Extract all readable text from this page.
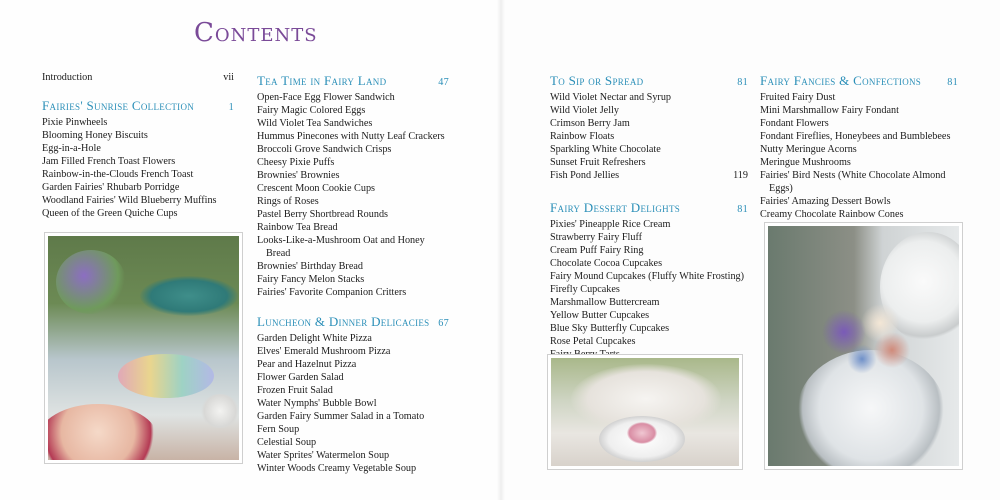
Contents
Introduction	vii
Fairies' Sunrise Collection	1
Pixie Pinwheels
Blooming Honey Biscuits
Egg-in-a-Hole
Jam Filled French Toast Flowers
Rainbow-in-the-Clouds French Toast
Garden Fairies' Rhubarb Porridge
Woodland Fairies' Wild Blueberry Muffins
Queen of the Green Quiche Cups
Tea Time in Fairy Land	47
Open-Face Egg Flower Sandwich
Fairy Magic Colored Eggs
Wild Violet Tea Sandwiches
Hummus Pinecones with Nutty Leaf Crackers
Broccoli Grove Sandwich Crisps
Cheesy Pixie Puffs
Brownies' Brownies
Crescent Moon Cookie Cups
Rings of Roses
Pastel Berry Shortbread Rounds
Rainbow Tea Bread
Looks-Like-a-Mushroom Oat and Honey
Bread
Brownies' Birthday Bread
Fairy Fancy Melon Stacks
Fairies' Favorite Companion Critters
Luncheon & Dinner Delicacies 67
Garden Delight White Pizza
Elves' Emerald Mushroom Pizza
Pear and Hazelnut Pizza
Flower Garden Salad
Frozen Fruit Salad
Water Nymphs' Bubble Bowl
Garden Fairy Summer Salad in a Tomato
Fern Soup
Celestial Soup
Water Sprites' Watermelon Soup
Winter Woods Creamy Vegetable Soup
To Sip or Spread	81
Wild Violet Nectar and Syrup
Wild Violet Jelly
Crimson Berry Jam
Rainbow Floats
Sparkling White Chocolate
Sunset Fruit Refreshers
Fish Pond Jellies	119
Fairy Dessert Delights	81
Pixies' Pineapple Rice Cream
Strawberry Fairy Fluff
Cream Puff Fairy Ring
Chocolate Cocoa Cupcakes
Fairy Mound Cupcakes (Fluffy White Frosting)
Firefly Cupcakes
Marshmallow Buttercream
Yellow Butter Cupcakes
Blue Sky Butterfly Cupcakes
Rose Petal Cupcakes
Fairy Fancies & Confections	81
Fruited Fairy Dust
Mini Marshmallow Fairy Fondant
Fondant Flowers
Fondant Fireflies, Honeybees and Bumblebees
Nutty Meringue Acorns
Meringue Mushrooms
Fairies' Bird Nests (White Chocolate Almond
Eggs)
Fairies' Amazing Dessert Bowls
Creamy Chocolate Rainbow Cones
